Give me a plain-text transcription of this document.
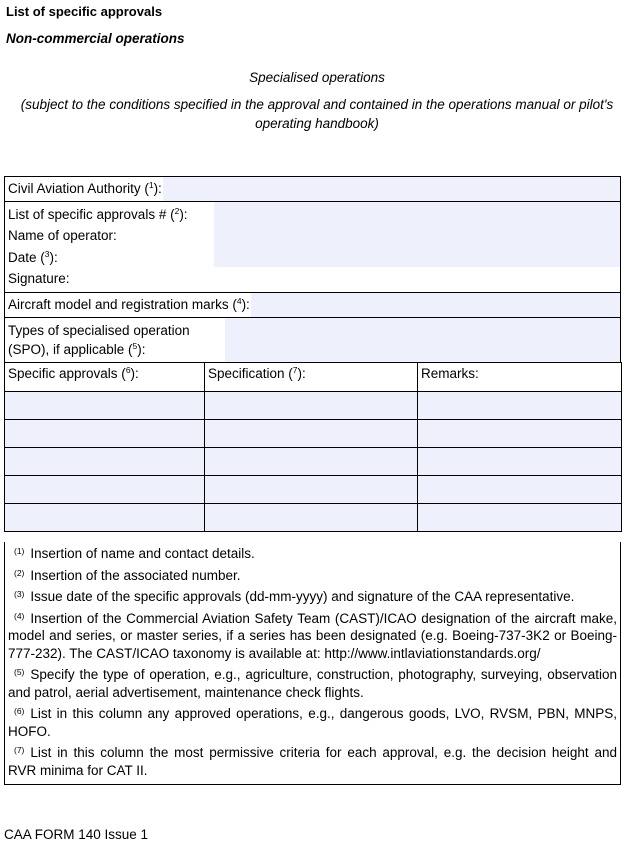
List of specific approvals
Non-commercial operations
Specialised operations
(subject to the conditions specified in the approval and contained in the operations manual or pilot's operating handbook)
Civil Aviation Authority ($^1$):

List of specific approvals # ($^2$):
Name of operator:
Date ($^3$):
Signature:

Aircraft model and registration marks ($^4$):

Types of specialised operation
(SPO), if applicable ($^5$):
Specific approvals ($^6$):	Specification ($^7$):	Remarks:

$^{(1)}$ Insertion of name and contact details.

$^{(2)}$ Insertion of the associated number.

$^{(3)}$ Issue date of the specific approvals (dd-mm-yyyy) and signature of the CAA representative.

$^{(4)}$ Insertion of the Commercial Aviation Safety Team (CAST)/ICAO designation of the aircraft make, model and series, or master series, if a series has been designated (e.g. Boeing-737-3K2 or Boeing-777-232). The CAST/ICAO taxonomy is available at: http://www.intlaviationstandards.org/

$^{(5)}$ Specify the type of operation, e.g., agriculture, construction, photography, surveying, observation and patrol, aerial advertisement, maintenance check flights.

$^{(6)}$ List in this column any approved operations, e.g., dangerous goods, LVO, RVSM, PBN, MNPS, HOFO.

$^{(7)}$ List in this column the most permissive criteria for each approval, e.g. the decision height and RVR minima for CAT II.

CAA FORM 140 Issue 1
